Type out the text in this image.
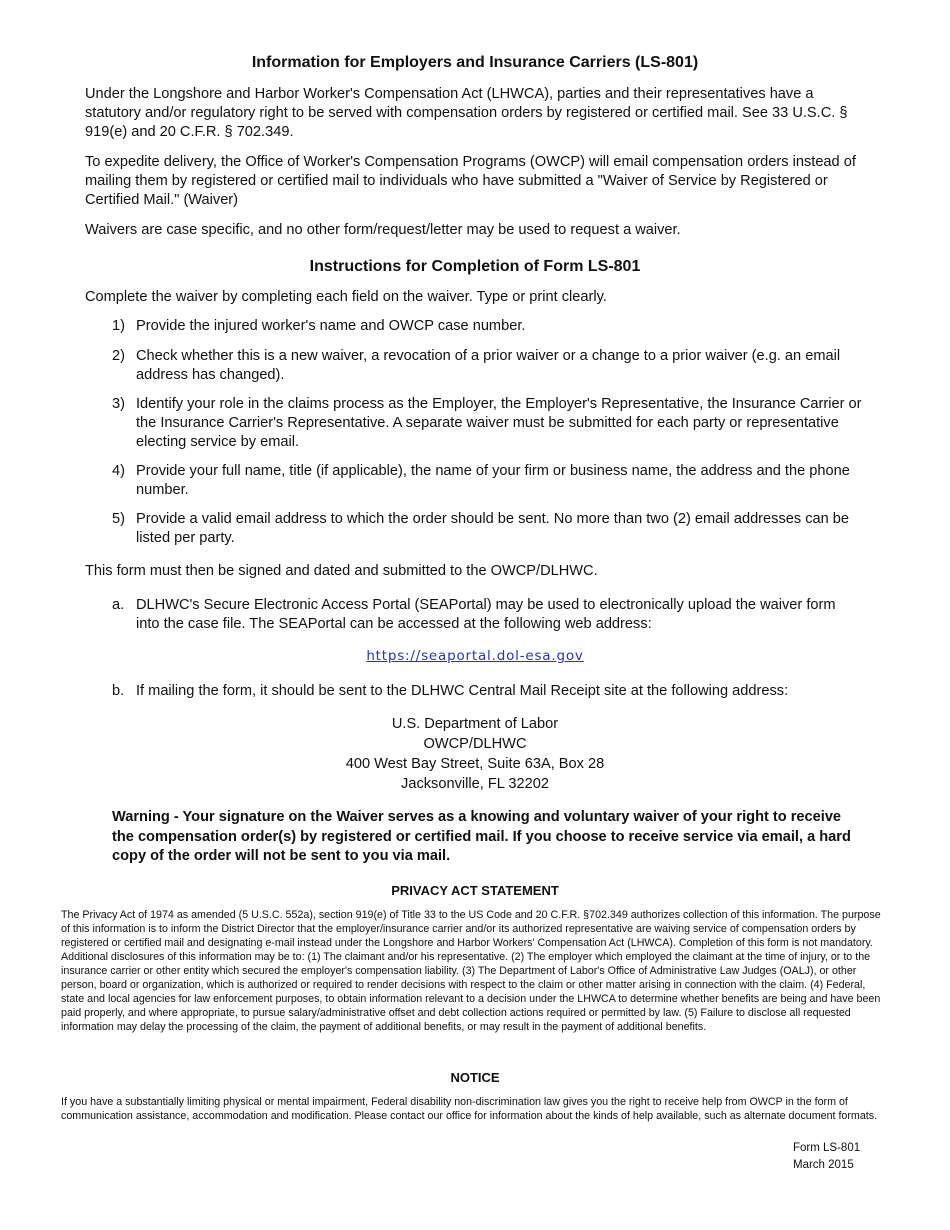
Information for Employers and Insurance Carriers (LS-801)
Under the Longshore and Harbor Worker's Compensation Act (LHWCA), parties and their representatives have a statutory and/or regulatory right to be served with compensation orders by registered or certified mail. See 33 U.S.C. § 919(e) and 20 C.F.R. § 702.349.
To expedite delivery, the Office of Worker's Compensation Programs (OWCP) will email compensation orders instead of mailing them by registered or certified mail to individuals who have submitted a "Waiver of Service by Registered or Certified Mail." (Waiver)
Waivers are case specific, and no other form/request/letter may be used to request a waiver.
Instructions for Completion of Form LS-801
Complete the waiver by completing each field on the waiver. Type or print clearly.
1) Provide the injured worker's name and OWCP case number.
2) Check whether this is a new waiver, a revocation of a prior waiver or a change to a prior waiver (e.g. an email address has changed).
3) Identify your role in the claims process as the Employer, the Employer's Representative, the Insurance Carrier or the Insurance Carrier's Representative. A separate waiver must be submitted for each party or representative electing service by email.
4) Provide your full name, title (if applicable), the name of your firm or business name, the address and the phone number.
5) Provide a valid email address to which the order should be sent. No more than two (2) email addresses can be listed per party.
This form must then be signed and dated and submitted to the OWCP/DLHWC.
a. DLHWC's Secure Electronic Access Portal (SEAPortal) may be used to electronically upload the waiver form into the case file. The SEAPortal can be accessed at the following web address:
https://seaportal.dol-esa.gov
b. If mailing the form, it should be sent to the DLHWC Central Mail Receipt site at the following address:
U.S. Department of Labor
OWCP/DLHWC
400 West Bay Street, Suite 63A, Box 28
Jacksonville, FL 32202
Warning - Your signature on the Waiver serves as a knowing and voluntary waiver of your right to receive the compensation order(s) by registered or certified mail. If you choose to receive service via email, a hard copy of the order will not be sent to you via mail.
PRIVACY ACT STATEMENT
The Privacy Act of 1974 as amended (5 U.S.C. 552a), section 919(e) of Title 33 to the US Code and 20 C.F.R. §702.349 authorizes collection of this information. The purpose of this information is to inform the District Director that the employer/insurance carrier and/or its authorized representative are waiving service of compensation orders by registered or certified mail and designating e-mail instead under the Longshore and Harbor Workers' Compensation Act (LHWCA). Completion of this form is not mandatory. Additional disclosures of this information may be to: (1) The claimant and/or his representative. (2) The employer which employed the claimant at the time of injury, or to the insurance carrier or other entity which secured the employer's compensation liability. (3) The Department of Labor's Office of Administrative Law Judges (OALJ), or other person, board or organization, which is authorized or required to render decisions with respect to the claim or other matter arising in connection with the claim. (4) Federal, state and local agencies for law enforcement purposes, to obtain information relevant to a decision under the LHWCA to determine whether benefits are being and have been paid properly, and where appropriate, to pursue salary/administrative offset and debt collection actions required or permitted by law. (5) Failure to disclose all requested information may delay the processing of the claim, the payment of additional benefits, or may result in the payment of additional benefits.
NOTICE
If you have a substantially limiting physical or mental impairment, Federal disability non-discrimination law gives you the right to receive help from OWCP in the form of communication assistance, accommodation and modification. Please contact our office for information about the kinds of help available, such as alternate document formats.
Form LS-801
March 2015
